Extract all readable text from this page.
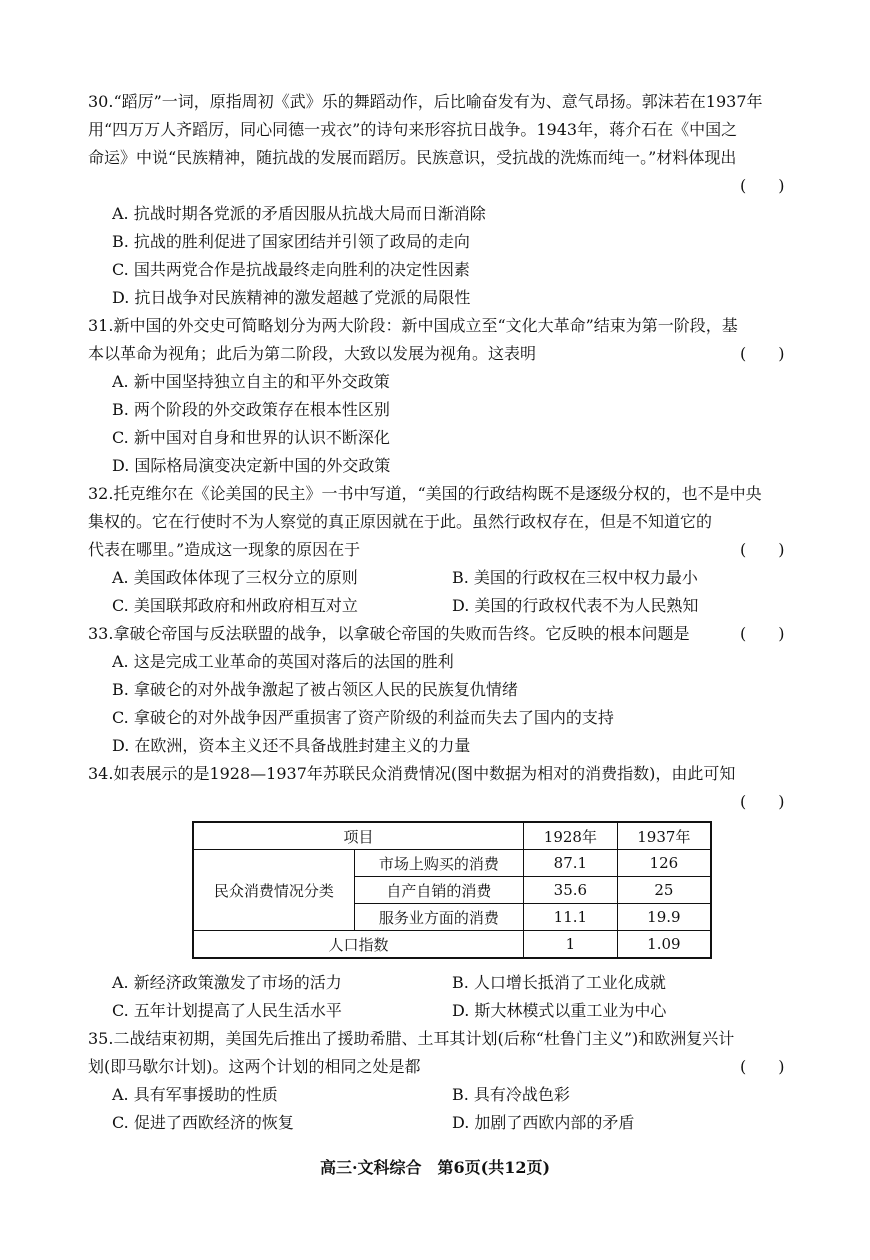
30.“蹈厉”一词，原指周初《武》乐的舞蹈动作，后比喻奋发有为、意气昂扬。郭沫若在1937年
用“四万万人齐蹈厉，同心同德一戎衣”的诗句来形容抗日战争。1943年，蒋介石在《中国之
命运》中说“民族精神，随抗战的发展而蹈厉。民族意识，受抗战的洗炼而纯一。”材料体现出
(　　)
A. 抗战时期各党派的矛盾因服从抗战大局而日渐消除
B. 抗战的胜利促进了国家团结并引领了政局的走向
C. 国共两党合作是抗战最终走向胜利的决定性因素
D. 抗日战争对民族精神的激发超越了党派的局限性
31.新中国的外交史可简略划分为两大阶段：新中国成立至“文化大革命”结束为第一阶段，基
本以革命为视角；此后为第二阶段，大致以发展为视角。这表明	(　　)
A. 新中国坚持独立自主的和平外交政策
B. 两个阶段的外交政策存在根本性区别
C. 新中国对自身和世界的认识不断深化
D. 国际格局演变决定新中国的外交政策
32.托克维尔在《论美国的民主》一书中写道，“美国的行政结构既不是逐级分权的，也不是中央
集权的。它在行使时不为人察觉的真正原因就在于此。虽然行政权存在，但是不知道它的
代表在哪里。”造成这一现象的原因在于	(　　)
A. 美国政体体现了三权分立的原则	B. 美国的行政权在三权中权力最小
C. 美国联邦政府和州政府相互对立	D. 美国的行政权代表不为人民熟知
33.拿破仑帝国与反法联盟的战争，以拿破仑帝国的失败而告终。它反映的根本问题是	(　　)
A. 这是完成工业革命的英国对落后的法国的胜利
B. 拿破仑的对外战争激起了被占领区人民的民族复仇情绪
C. 拿破仑的对外战争因严重损害了资产阶级的利益而失去了国内的支持
D. 在欧洲，资本主义还不具备战胜封建主义的力量
34.如表展示的是1928—1937年苏联民众消费情况(图中数据为相对的消费指数)，由此可知
(　　)
项目		1928年	1937年
民众消费情况分类	市场上购买的消费	87.1	126
	自产自销的消费	35.6	25
	服务业方面的消费	11.1	19.9
人口指数		1	1.09
A. 新经济政策激发了市场的活力	B. 人口增长抵消了工业化成就
C. 五年计划提高了人民生活水平	D. 斯大林模式以重工业为中心
35.二战结束初期，美国先后推出了援助希腊、土耳其计划(后称“杜鲁门主义”)和欧洲复兴计
划(即马歇尔计划)。这两个计划的相同之处是都	(　　)
A. 具有军事援助的性质	B. 具有冷战色彩
C. 促进了西欧经济的恢复	D. 加剧了西欧内部的矛盾
高三·文科综合　第6页(共12页)
